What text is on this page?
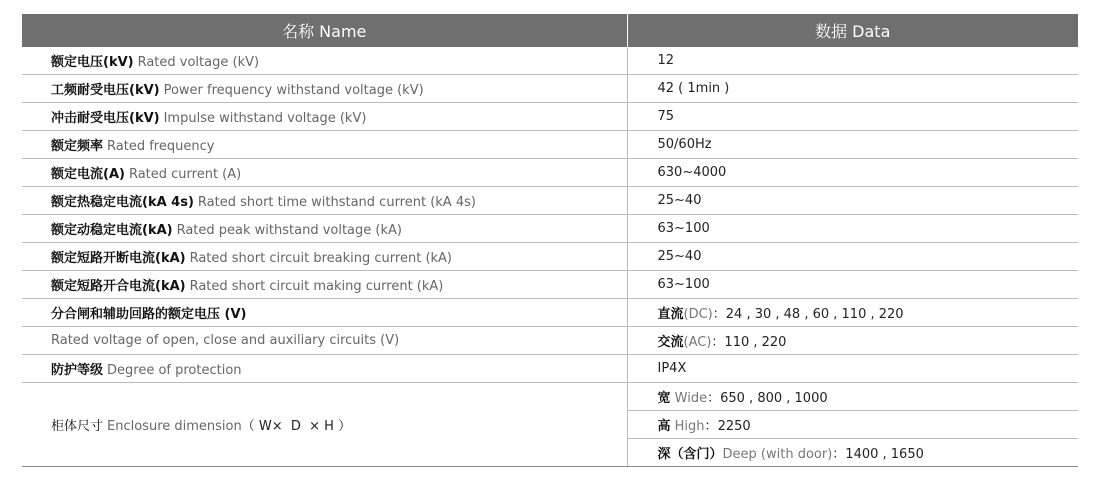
名称 Name	数据 Data
额定电压(kV) Rated voltage (kV)	12
工频耐受电压(kV) Power frequency withstand voltage (kV)	42 ( 1min )
冲击耐受电压(kV) Impulse withstand voltage (kV)	75
额定频率 Rated frequency	50/60Hz
额定电流(A) Rated current (A)	630~4000
额定热稳定电流(kA 4s) Rated short time withstand current (kA 4s)	25~40
额定动稳定电流(kA) Rated peak withstand voltage (kA)	63~100
额定短路开断电流(kA) Rated short circuit breaking current (kA)	25~40
额定短路开合电流(kA) Rated short circuit making current (kA)	63~100
分合闸和辅助回路的额定电压 (V)	直流(DC)：24 , 30 , 48 , 60 , 110 , 220
Rated voltage of open, close and auxiliary circuits (V)	交流(AC)：110 , 220
防护等级 Degree of protection	IP4X
柜体尺寸 Enclosure dimension（ W×  D  × H ）	宽 Wide：650 , 800 , 1000
	高 High：2250
	深（含门）Deep (with door)：1400 , 1650
